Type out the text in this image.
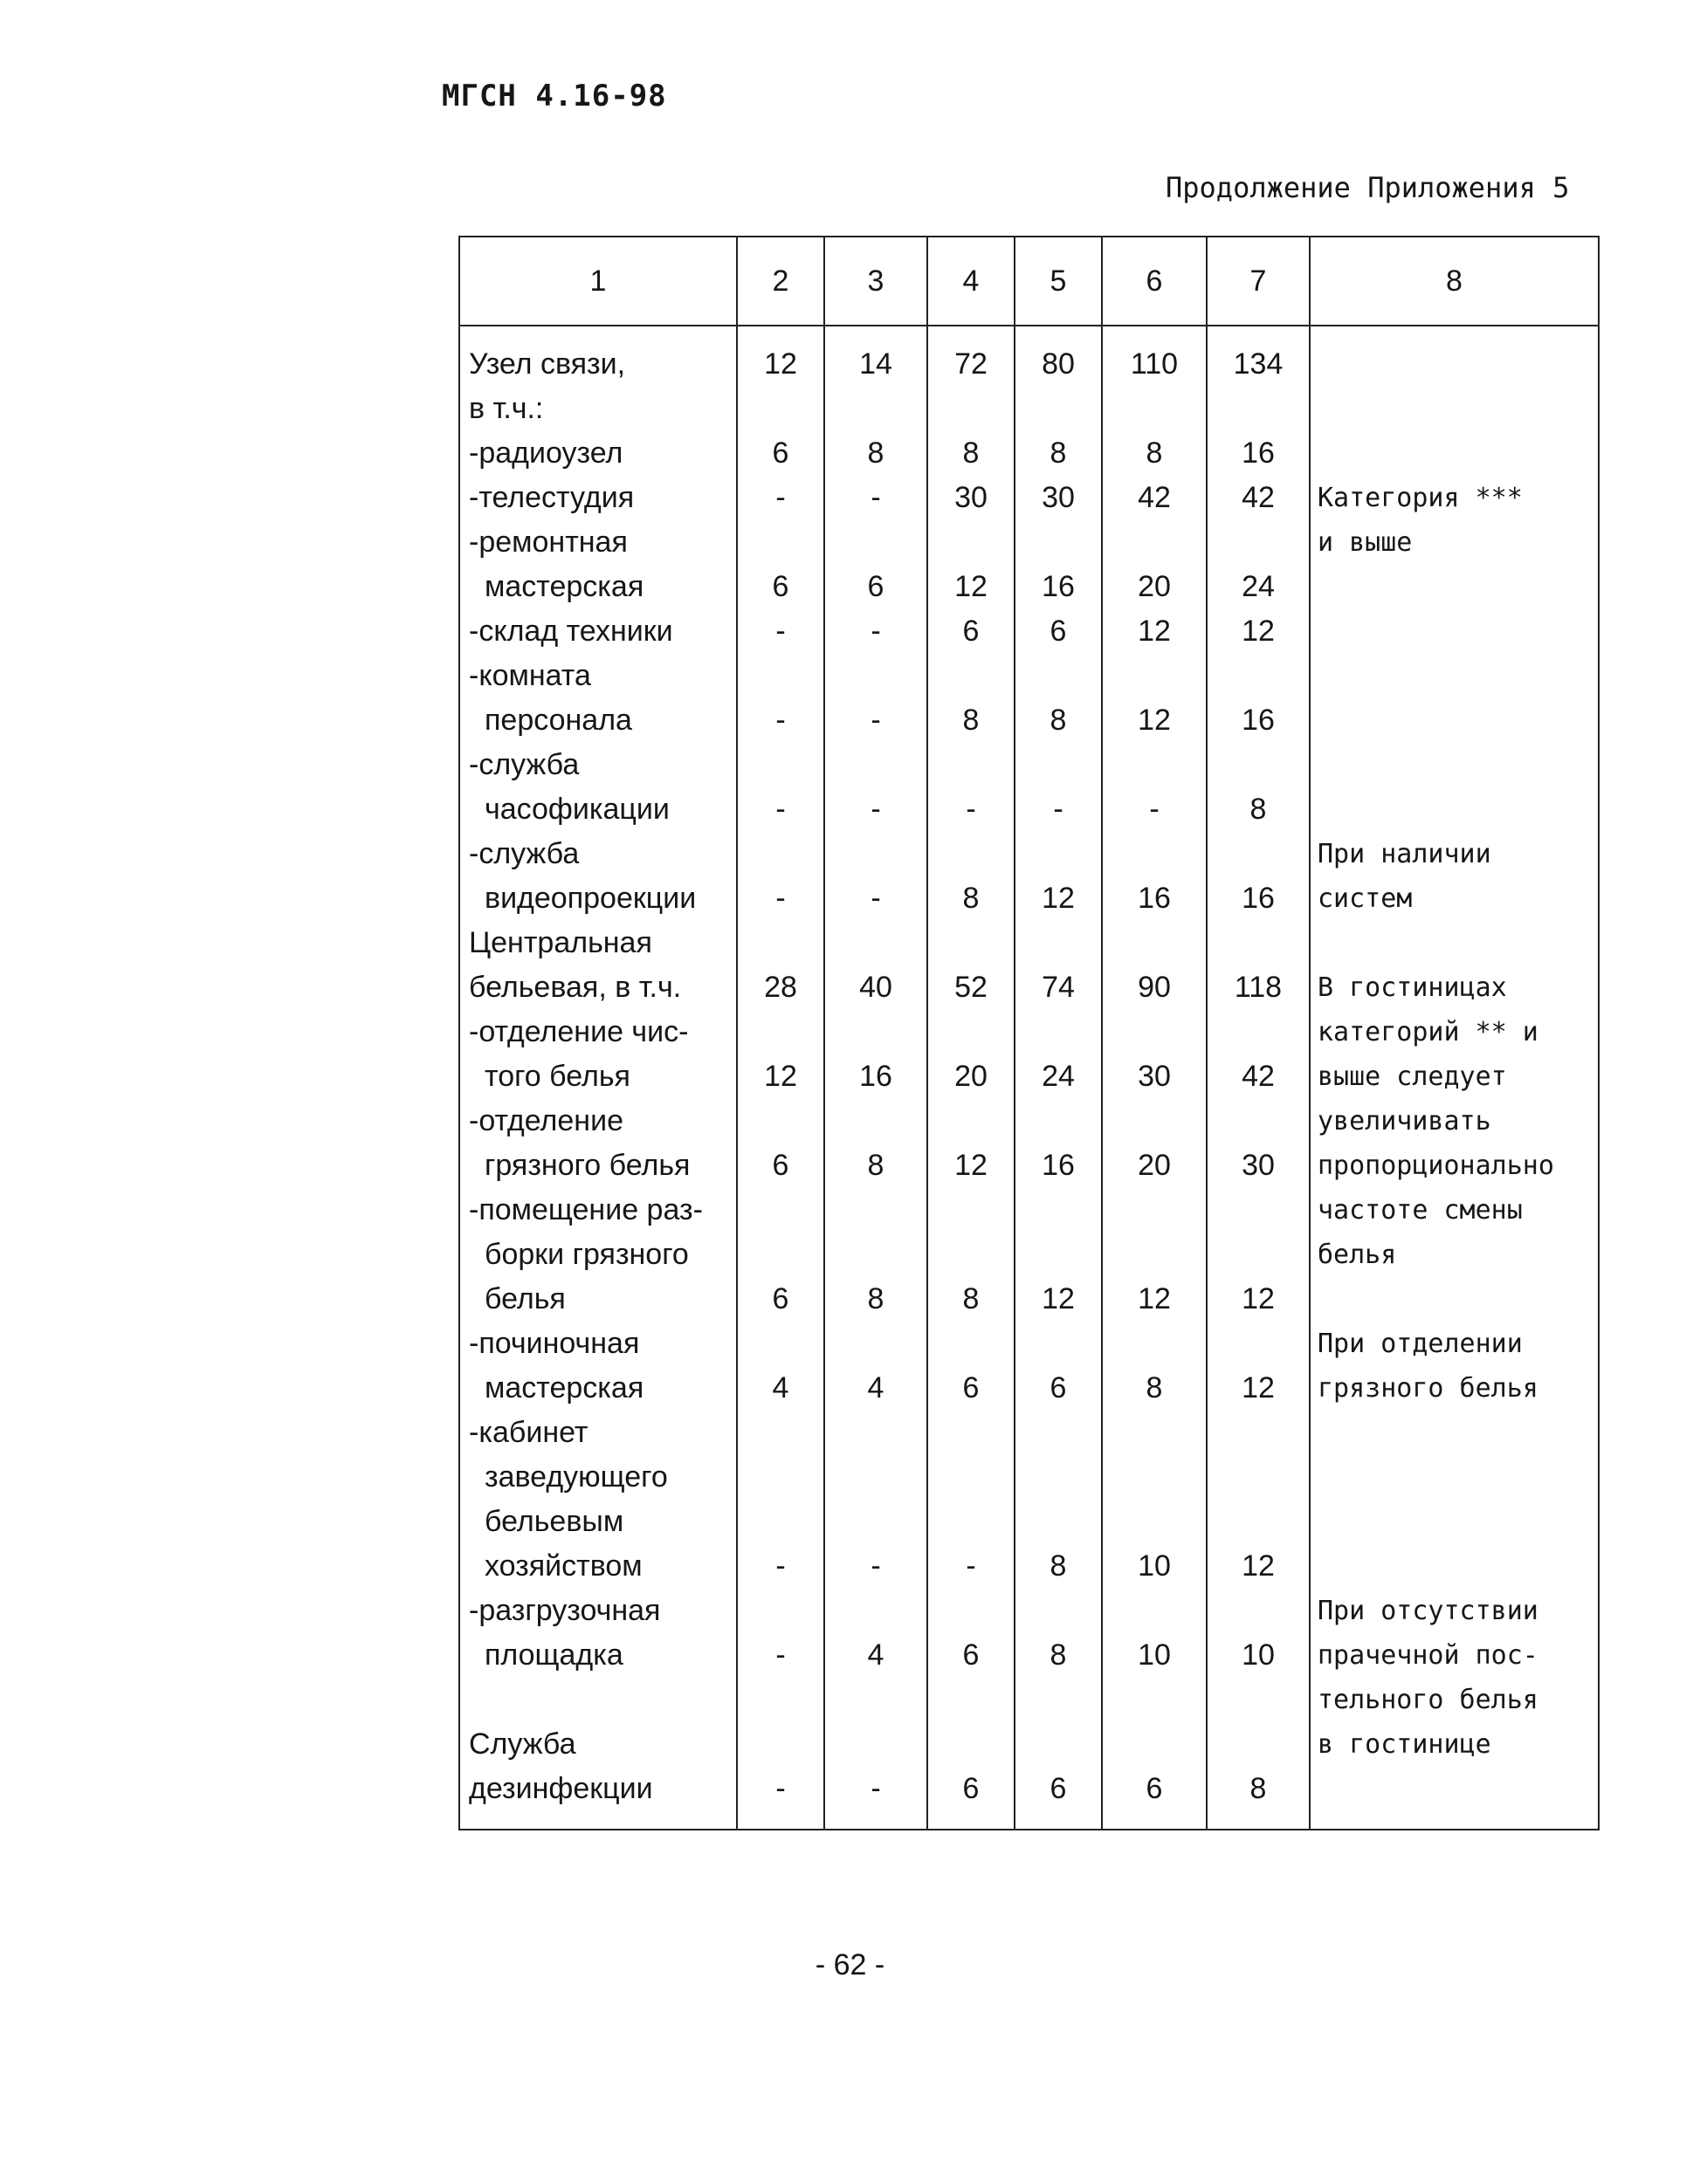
МГСН 4.16-98

Продолжение Приложения 5

1	2	3	4	5	6	7	8
Узел связи,	12	14	72	80	110	134	
в т.ч.:							
-радиоузел	6	8	8	8	8	16	
-телестудия	-	-	30	30	42	42	Категория ***
-ремонтная							и выше
мастерская	6	6	12	16	20	24	
-склад техники	-	-	6	6	12	12	
-комната							
персонала	-	-	8	8	12	16	
-служба							
часофикации	-	-	-	-	-	8	
-служба							При наличии
видеопроекции	-	-	8	12	16	16	систем
Центральная							
бельевая, в т.ч.	28	40	52	74	90	118	В гостиницах
-отделение чис-							категорий ** и
того белья	12	16	20	24	30	42	выше следует
-отделение							увеличивать
грязного белья	6	8	12	16	20	30	пропорционально
-помещение раз-							частоте смены
борки грязного							белья
белья	6	8	8	12	12	12	
-починочная							При отделении
мастерская	4	4	6	6	8	12	грязного белья
-кабинет							
заведующего							
бельевым							
хозяйством	-	-	-	8	10	12	
-разгрузочная							При отсутствии
площадка	-	4	6	8	10	10	прачечной пос-
							тельного белья
Служба							в гостинице
дезинфекции	-	-	6	6	6	8	

- 62 -
